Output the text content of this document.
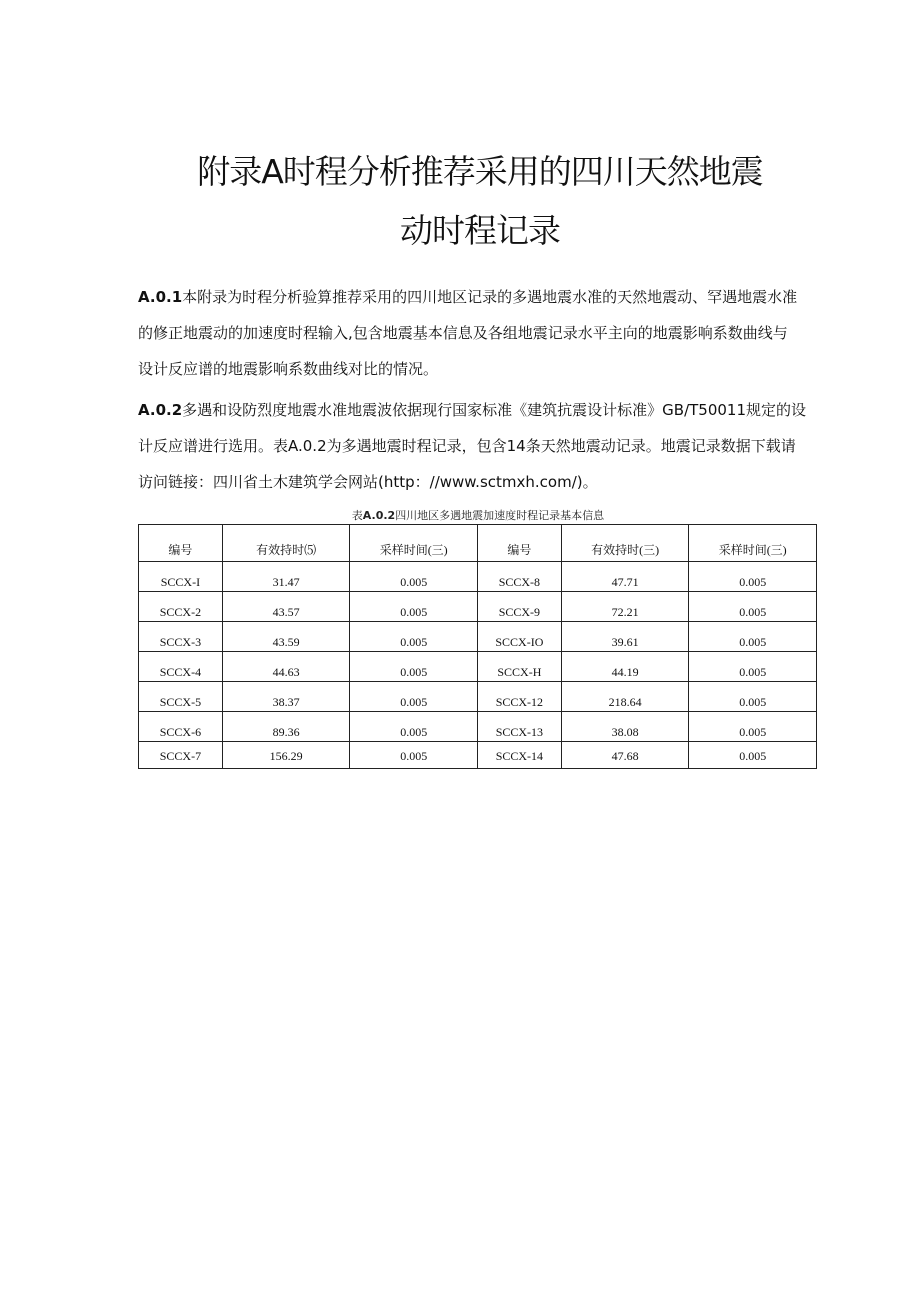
附录A时程分析推荐采用的四川天然地震
动时程记录
A.0.1本附录为时程分析验算推荐采用的四川地区记录的多遇地震水准的天然地震动、罕遇地震水准
的修正地震动的加速度时程输入,包含地震基本信息及各组地震记录水平主向的地震影响系数曲线与
设计反应谱的地震影响系数曲线对比的情况。
A.0.2多遇和设防烈度地震水准地震波依据现行国家标准《建筑抗震设计标准》GB/T50011规定的设
计反应谱进行选用。表A.0.2为多遇地震时程记录，包含14条天然地震动记录。地震记录数据下载请
访问链接：四川省土木建筑学会网站(http：//www.sctmxh.com/)。
表A.0.2四川地区多遇地震加速度时程记录基本信息
编号	有效持时⑸	采样时间(三)	编号	有效持时(三)	采样时间(三)
SCCX-I	31.47	0.005	SCCX-8	47.71	0.005
SCCX-2	43.57	0.005	SCCX-9	72.21	0.005
SCCX-3	43.59	0.005	SCCX-IO	39.61	0.005
SCCX-4	44.63	0.005	SCCX-H	44.19	0.005
SCCX-5	38.37	0.005	SCCX-12	218.64	0.005
SCCX-6	89.36	0.005	SCCX-13	38.08	0.005
SCCX-7	156.29	0.005	SCCX-14	47.68	0.005
